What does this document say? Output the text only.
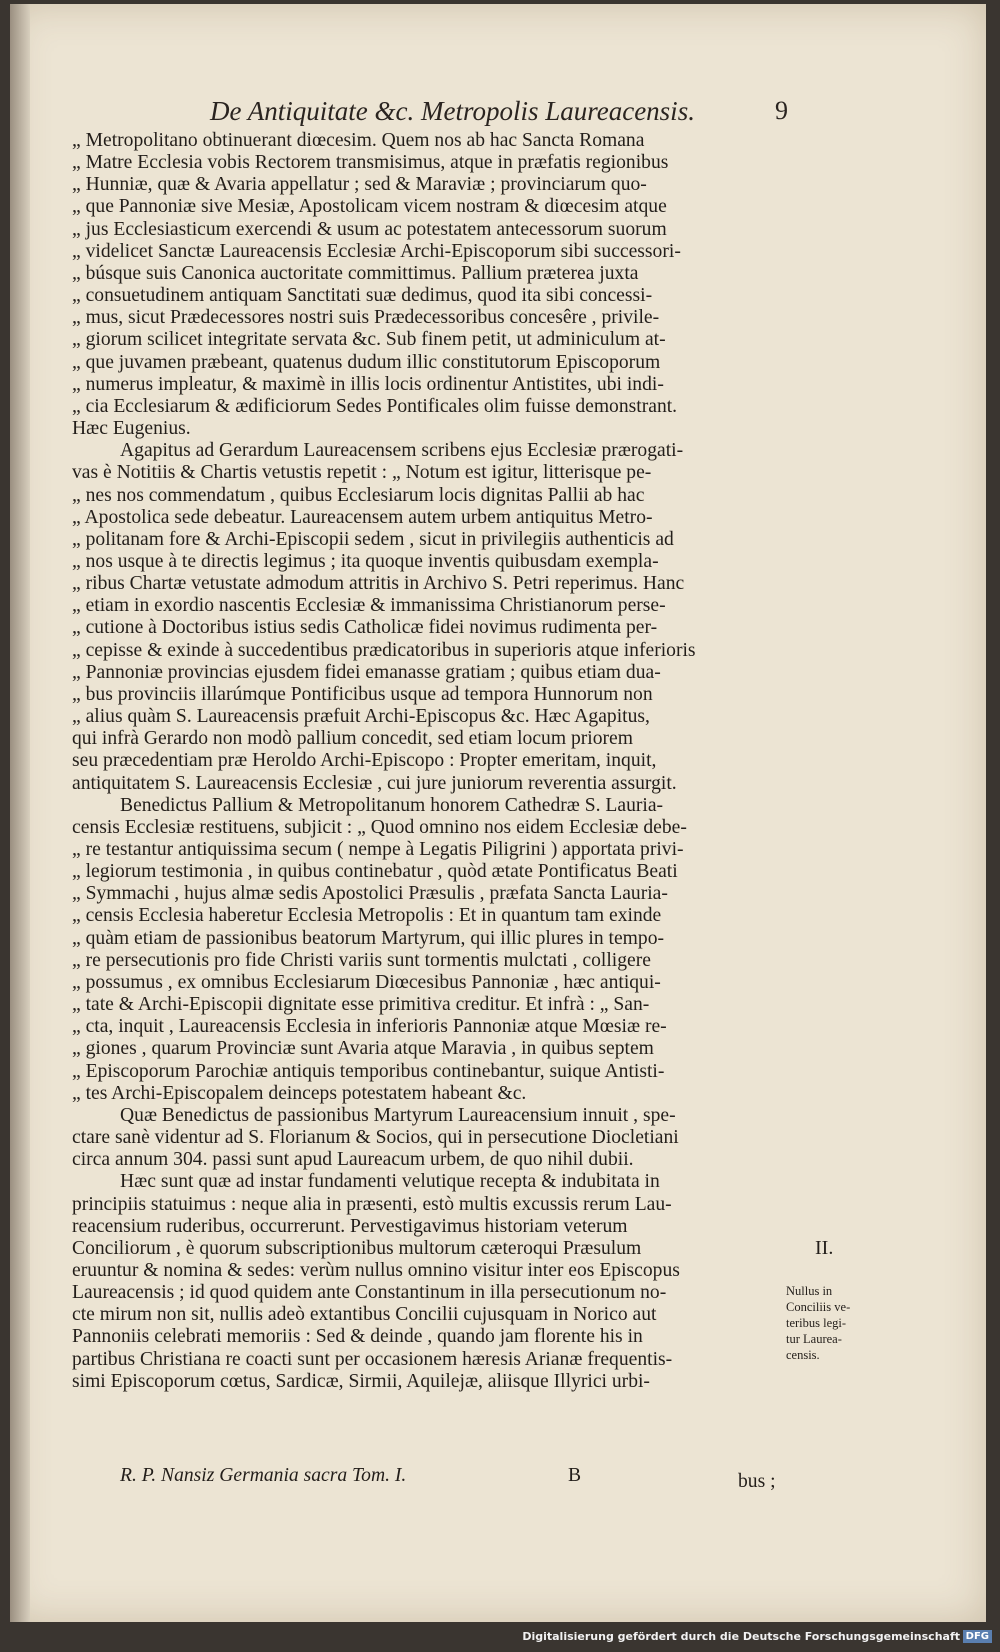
De Antiquitate &c. Metropolis Laureacensis.	9

„ Metropolitano obtinuerant diœcesim. Quem nos ab hac Sancta Romana
„ Matre Ecclesia vobis Rectorem transmisimus, atque in præfatis regionibus
„ Hunniæ, quæ & Avaria appellatur ; sed & Maraviæ ; provinciarum quo-
„ que Pannoniæ sive Mesiæ, Apostolicam vicem nostram & diœcesim atque
„ jus Ecclesiasticum exercendi & usum ac potestatem antecessorum suorum
„ videlicet Sanctæ Laureacensis Ecclesiæ Archi-Episcoporum sibi successori-
„ búsque suis Canonica auctoritate committimus. Pallium præterea juxta
„ consuetudinem antiquam Sanctitati suæ dedimus, quod ita sibi concessi-
„ mus, sicut Prædecessores nostri suis Prædecessoribus concesêre , privile-
„ giorum scilicet integritate servata &c. Sub finem petit, ut adminiculum at-
„ que juvamen præbeant, quatenus dudum illic constitutorum Episcoporum
„ numerus impleatur, & maximè in illis locis ordinentur Antistites, ubi indi-
„ cia Ecclesiarum & ædificiorum Sedes Pontificales olim fuisse demonstrant.
Hæc Eugenius.

Agapitus ad Gerardum Laureacensem scribens ejus Ecclesiæ prærogati-
vas è Notitiis & Chartis vetustis repetit : „ Notum est igitur, litterisque pe-
„ nes nos commendatum , quibus Ecclesiarum locis dignitas Pallii ab hac
„ Apostolica sede debeatur. Laureacensem autem urbem antiquitus Metro-
„ politanam fore & Archi-Episcopii sedem , sicut in privilegiis authenticis ad
„ nos usque à te directis legimus ; ita quoque inventis quibusdam exempla-
„ ribus Chartæ vetustate admodum attritis in Archivo S. Petri reperimus. Hanc
„ etiam in exordio nascentis Ecclesiæ & immanissima Christianorum perse-
„ cutione à Doctoribus istius sedis Catholicæ fidei novimus rudimenta per-
„ cepisse & exinde à succedentibus prædicatoribus in superioris atque inferioris
„ Pannoniæ provincias ejusdem fidei emanasse gratiam ; quibus etiam dua-
„ bus provinciis illarúmque Pontificibus usque ad tempora Hunnorum non
„ alius quàm S. Laureacensis præfuit Archi-Episcopus &c. Hæc Agapitus,
qui infrà Gerardo non modò pallium concedit, sed etiam locum priorem
seu præcedentiam præ Heroldo Archi-Episcopo : Propter emeritam, inquit,
antiquitatem S. Laureacensis Ecclesiæ , cui jure juniorum reverentia assurgit.

Benedictus Pallium & Metropolitanum honorem Cathedræ S. Lauria-
censis Ecclesiæ restituens, subjicit : „ Quod omnino nos eidem Ecclesiæ debe-
„ re testantur antiquissima secum ( nempe à Legatis Piligrini ) apportata privi-
„ legiorum testimonia , in quibus continebatur , quòd ætate Pontificatus Beati
„ Symmachi , hujus almæ sedis Apostolici Præsulis , præfata Sancta Lauria-
„ censis Ecclesia haberetur Ecclesia Metropolis : Et in quantum tam exinde
„ quàm etiam de passionibus beatorum Martyrum, qui illic plures in tempo-
„ re persecutionis pro fide Christi variis sunt tormentis mulctati , colligere
„ possumus , ex omnibus Ecclesiarum Diœcesibus Pannoniæ , hæc antiqui-
„ tate & Archi-Episcopii dignitate esse primitiva creditur. Et infrà : „ San-
„ cta, inquit , Laureacensis Ecclesia in inferioris Pannoniæ atque Mœsiæ re-
„ giones , quarum Provinciæ sunt Avaria atque Maravia , in quibus septem
„ Episcoporum Parochiæ antiquis temporibus continebantur, suique Antisti-
„ tes Archi-Episcopalem deinceps potestatem habeant &c.

Quæ Benedictus de passionibus Martyrum Laureacensium innuit , spe-
ctare sanè videntur ad S. Florianum & Socios, qui in persecutione Diocletiani
circa annum 304. passi sunt apud Laureacum urbem, de quo nihil dubii.

Hæc sunt quæ ad instar fundamenti velutique recepta & indubitata in
principiis statuimus : neque alia in præsenti, estò multis excussis rerum Lau-
reacensium ruderibus, occurrerunt. Pervestigavimus historiam veterum
Conciliorum , è quorum subscriptionibus multorum cæteroqui Præsulum
eruuntur & nomina & sedes: verùm nullus omnino visitur inter eos Episcopus
Laureacensis ; id quod quidem ante Constantinum in illa persecutionum no-
cte mirum non sit, nullis adeò extantibus Concilii cujusquam in Norico aut
Pannoniis celebrati memoriis : Sed & deinde , quando jam florente his in
partibus Christiana re coacti sunt per occasionem hæresis Arianæ frequentis-
simi Episcoporum cœtus, Sardicæ, Sirmii, Aquilejæ, aliisque Illyrici urbi-

II.
Nullus in
Conciliis ve-
teribus legi-
tur Laurea-
censis.
R. P. Nansiz Germania sacra Tom. I.	B	bus ;
Digitalisierung gefördert durch die Deutsche Forschungsgemeinschaft DFG
